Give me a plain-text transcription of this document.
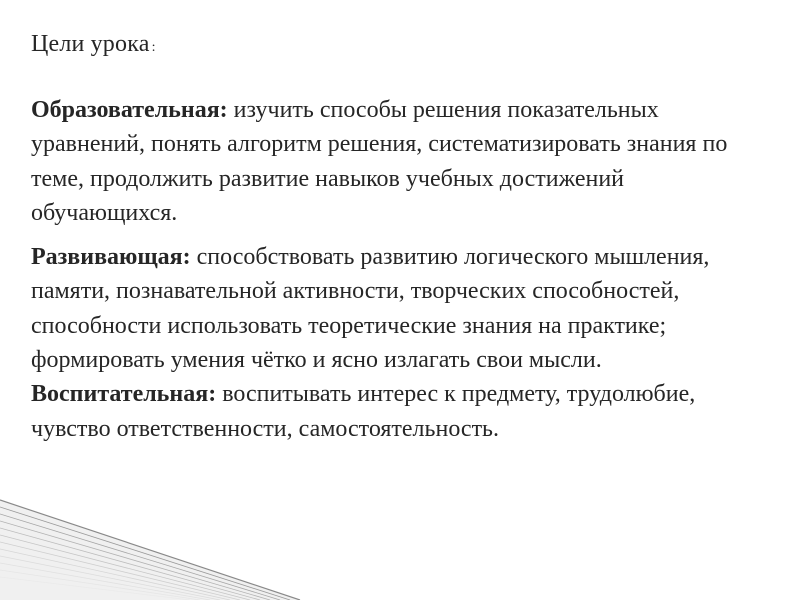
Цели урока :

Образовательная: изучить способы решения показательных уравнений, понять алгоритм решения, систематизировать знания по теме, продолжить развитие навыков учебных достижений обучающихся.

Развивающая: способствовать развитию логического мышления, памяти, познавательной активности, творческих способностей, способности использовать теоретические знания на практике; формировать умения чётко и ясно излагать свои мысли.

Воспитательная: воспитывать интерес к предмету, трудолюбие, чувство ответственности, самостоятельность.
